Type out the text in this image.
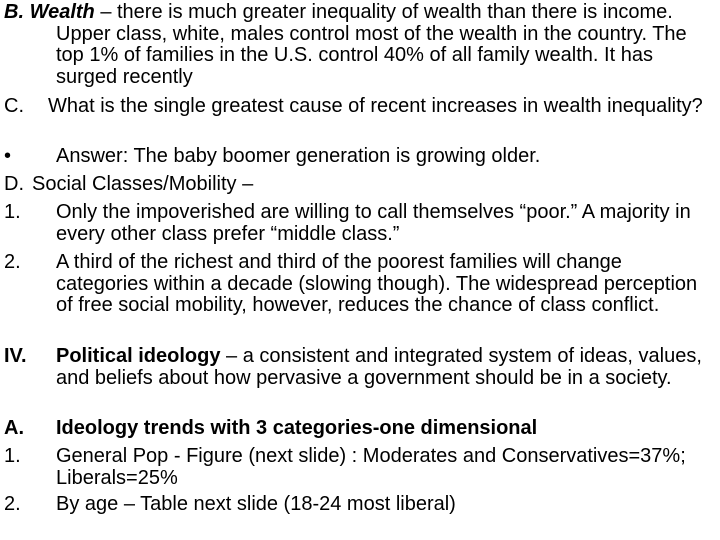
B. Wealth – there is much greater inequality of wealth than there is income. Upper class, white, males control most of the wealth in the country. The top 1% of families in the U.S. control 40% of all family wealth. It has surged recently
C.	What is the single greatest cause of recent increases in wealth inequality?
•	Answer: The baby boomer generation is growing older.
D. Social Classes/Mobility –
1.	Only the impoverished are willing to call themselves “poor.” A majority in every other class prefer “middle class.”
2.	A third of the richest and third of the poorest families will change categories within a decade (slowing though). The widespread perception of free social mobility, however, reduces the chance of class conflict.
IV.	Political ideology – a consistent and integrated system of ideas, values, and beliefs about how pervasive a government should be in a society.
A.	Ideology trends with 3 categories-one dimensional
1.	General Pop - Figure (next slide) : Moderates and Conservatives=37%; Liberals=25%
2.	By age – Table next slide (18-24 most liberal)
